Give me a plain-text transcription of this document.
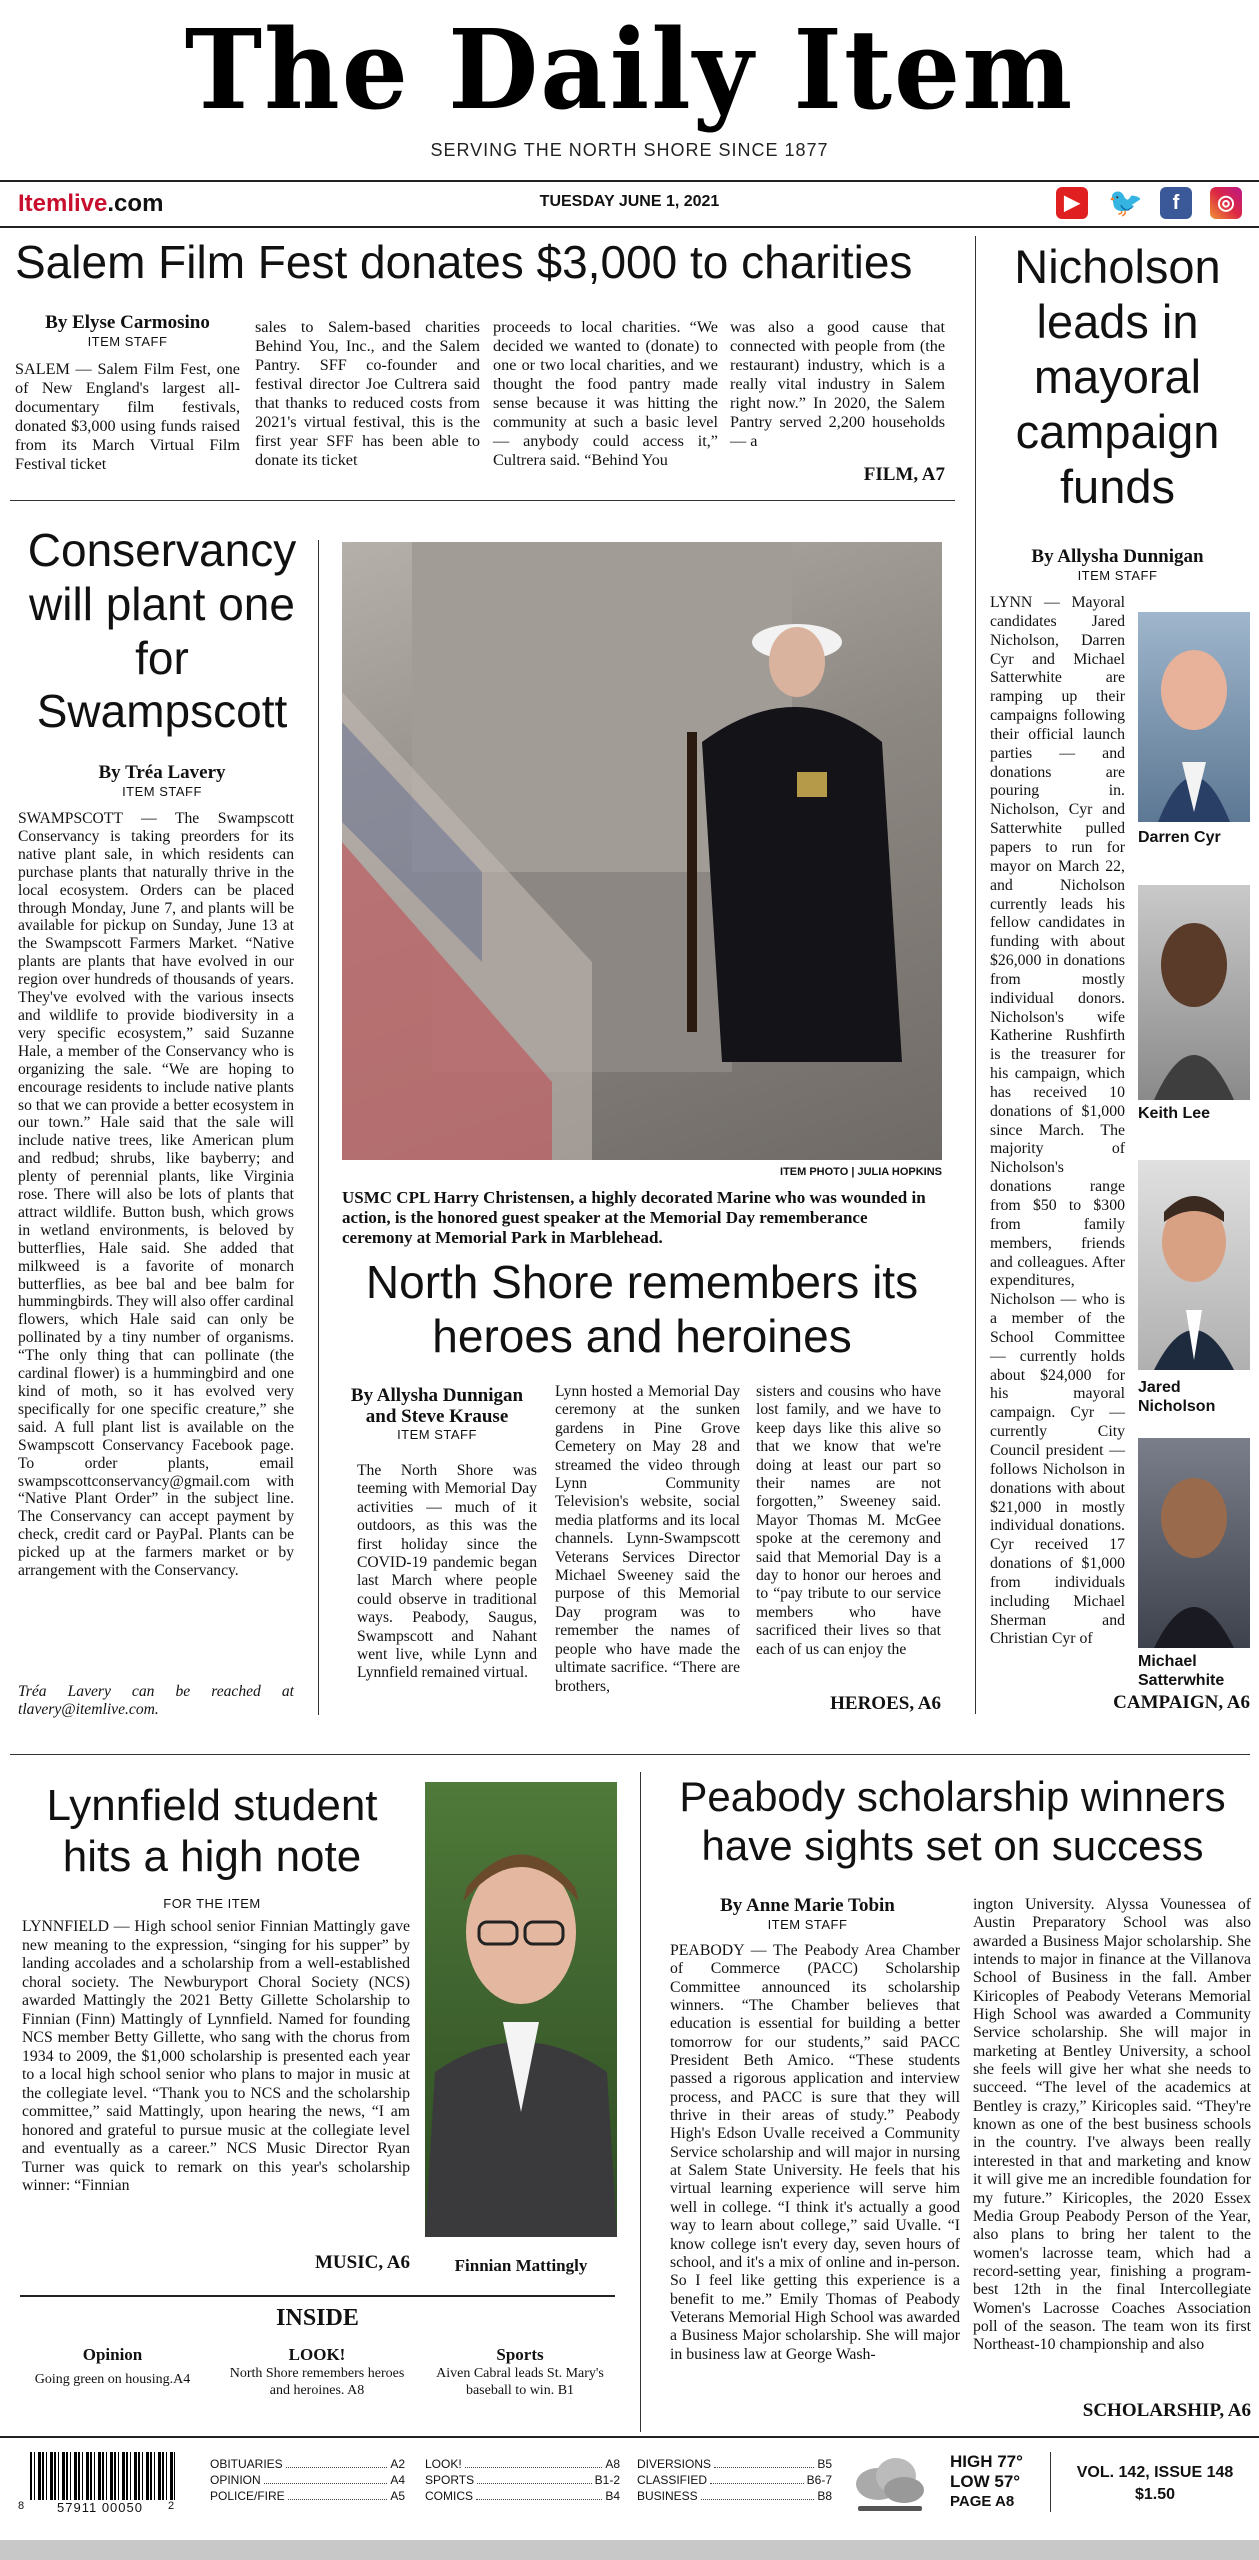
The Daily Item
SERVING THE NORTH SHORE SINCE 1877
Itemlive.com	TUESDAY JUNE 1, 2021	▶ 🐦	f	◎
Salem Film Fest donates $3,000 to charities
By Elyse Carmosino
ITEM STAFF
SALEM — Salem Film Fest, one of New England's largest all-documentary film festivals, donated $3,000 using funds raised from its March Virtual Film Festival ticket
sales to Salem-based charities Behind You, Inc., and the Salem Pantry. SFF co-founder and festival director Joe Cultrera said that thanks to reduced costs from 2021's virtual festival, this is the first year SFF has been able to donate its ticket
proceeds to local charities. “We decided we wanted to (donate) to one or two local charities, and we thought the food pantry made sense because it was hitting the community at such a basic level — anybody could access it,” Cultrera said. “Behind You
was also a good cause that connected with people from (the restaurant) industry, which is a really vital industry in Salem right now.” In 2020, the Salem Pantry served 2,200 households — a
FILM, A7
Nicholson leads in mayoral campaign funds
By Allysha Dunnigan
ITEM STAFF
LYNN — Mayoral candidates Jared Nicholson, Darren Cyr and Michael Satterwhite are ramping up their campaigns following their official launch parties — and donations are pouring in. Nicholson, Cyr and Satterwhite pulled papers to run for mayor on March 22, and Nicholson currently leads his fellow candidates in funding with about $26,000 in donations from mostly individual donors. Nicholson's wife Katherine Rushfirth is the treasurer for his campaign, which has received 10 donations of $1,000 since March. The majority of Nicholson's donations range from $50 to $300 from family members, friends and colleagues. After expenditures, Nicholson — who is a member of the School Committee — currently holds about $24,000 for his mayoral campaign. Cyr — currently City Council president — follows Nicholson in donations with about $21,000 in mostly individual donations. Cyr received 17 donations of $1,000 from individuals including Michael Sherman and Christian Cyr of
CAMPAIGN, A6
Darren Cyr
Keith Lee
Jared Nicholson
Michael Satterwhite
Conservancy will plant one for Swampscott
By Tréa Lavery
ITEM STAFF
SWAMPSCOTT — The Swampscott Conservancy is taking preorders for its native plant sale, in which residents can purchase plants that naturally thrive in the local ecosystem. Orders can be placed through Monday, June 7, and plants will be available for pickup on Sunday, June 13 at the Swampscott Farmers Market. “Native plants are plants that have evolved in our region over hundreds of thousands of years. They've evolved with the various insects and wildlife to provide biodiversity in a very specific ecosystem,” said Suzanne Hale, a member of the Conservancy who is organizing the sale. “We are hoping to encourage residents to include native plants so that we can provide a better ecosystem in our town.” Hale said that the sale will include native trees, like American plum and redbud; shrubs, like bayberry; and plenty of perennial plants, like Virginia rose. There will also be lots of plants that attract wildlife. Button bush, which grows in wetland environments, is beloved by butterflies, Hale said. She added that milkweed is a favorite of monarch butterflies, as bee bal and bee balm for hummingbirds. They will also offer cardinal flowers, which Hale said can only be pollinated by a tiny number of organisms. “The only thing that can pollinate (the cardinal flower) is a hummingbird and one kind of moth, so it has evolved very specifically for one specific creature,” she said. A full plant list is available on the Swampscott Conservancy Facebook page. To order plants, email swampscottconservancy@gmail.com with “Native Plant Order” in the subject line. The Conservancy can accept payment by check, credit card or PayPal. Plants can be picked up at the farmers market or by arrangement with the Conservancy.
Tréa Lavery can be reached at tlavery@itemlive.com.
ITEM PHOTO | JULIA HOPKINS
USMC CPL Harry Christensen, a highly decorated Marine who was wounded in action, is the honored guest speaker at the Memorial Day rememberance ceremony at Memorial Park in Marblehead.
North Shore remembers its heroes and heroines
By Allysha Dunnigan and Steve Krause
ITEM STAFF
The North Shore was teeming with Memorial Day activities — much of it outdoors, as this was the first holiday since the COVID-19 pandemic began last March where people could observe in traditional ways. Peabody, Saugus, Swampscott and Nahant went live, while Lynn and Lynnfield remained virtual.
Lynn hosted a Memorial Day ceremony at the sunken gardens in Pine Grove Cemetery on May 28 and streamed the video through Lynn Community Television's website, social media platforms and its local channels. Lynn-Swampscott Veterans Services Director Michael Sweeney said the purpose of this Memorial Day program was to remember the names of people who have made the ultimate sacrifice. “There are brothers,
sisters and cousins who have lost family, and we have to keep days like this alive so that we know that we're doing at least our part so their names are not forgotten,” Sweeney said. Mayor Thomas M. McGee spoke at the ceremony and said that Memorial Day is a day to honor our heroes and to “pay tribute to our service members who have sacrificed their lives so that each of us can enjoy the
HEROES, A6
Lynnfield student hits a high note
FOR THE ITEM
LYNNFIELD — High school senior Finnian Mattingly gave new meaning to the expression, “singing for his supper” by landing accolades and a scholarship from a well-established choral society. The Newburyport Choral Society (NCS) awarded Mattingly the 2021 Betty Gillette Scholarship to Finnian (Finn) Mattingly of Lynnfield. Named for founding NCS member Betty Gillette, who sang with the chorus from 1934 to 2009, the $1,000 scholarship is presented each year to a local high school senior who plans to major in music at the collegiate level. “Thank you to NCS and the scholarship committee,” said Mattingly, upon hearing the news, “I am honored and grateful to pursue music at the collegiate level and eventually as a career.” NCS Music Director Ryan Turner was quick to remark on this year's scholarship winner: “Finnian
MUSIC, A6	Finnian Mattingly
INSIDE
Opinion
Going green on housing.A4
LOOK!
North Shore remembers heroes and heroines. A8
Sports
Aiven Cabral leads St. Mary's baseball to win. B1
Peabody scholarship winners have sights set on success
By Anne Marie Tobin
ITEM STAFF
PEABODY — The Peabody Area Chamber of Commerce (PACC) Scholarship Committee announced its scholarship winners. “The Chamber believes that education is essential for building a better tomorrow for our students,” said PACC President Beth Amico. “These students passed a rigorous application and interview process, and PACC is sure that they will thrive in their areas of study.” Peabody High's Edson Uvalle received a Community Service scholarship and will major in nursing at Salem State University. He feels that his virtual learning experience will serve him well in college. “I think it's actually a good way to learn about college,” said Uvalle. “I know college isn't every day, seven hours of school, and it's a mix of online and in-person. So I feel like getting this experience is a benefit to me.” Emily Thomas of Peabody Veterans Memorial High School was awarded a Business Major scholarship. She will major in business law at George Wash-
ington University. Alyssa Vounessea of Austin Preparatory School was also awarded a Business Major scholarship. She intends to major in finance at the Villanova School of Business in the fall. Amber Kiricoples of Peabody Veterans Memorial High School was awarded a Community Service scholarship. She will major in marketing at Bentley University, a school she feels will give her what she needs to succeed. “The level of the academics at Bentley is crazy,” Kiricoples said. “They're known as one of the best business schools in the country. I've always been really interested in that and marketing and know it will give me an incredible foundation for my future.” Kiricoples, the 2020 Essex Media Group Peabody Person of the Year, also plans to bring her talent to the women's lacrosse team, which had a record-setting year, finishing a program-best 12th in the final Intercollegiate Women's Lacrosse Coaches Association poll of the season. The team won its first Northeast-10 championship and also
SCHOLARSHIP, A6
8	57911 00050	2
OBITUARIES	A2
OPINION	A4
POLICE/FIRE	A5
LOOK!	A8
SPORTS	B1-2
COMICS	B4
DIVERSIONS	B5
CLASSIFIED	B6-7
BUSINESS	B8
HIGH 77°
LOW 57°
PAGE A8
VOL. 142, ISSUE 148
$1.50
